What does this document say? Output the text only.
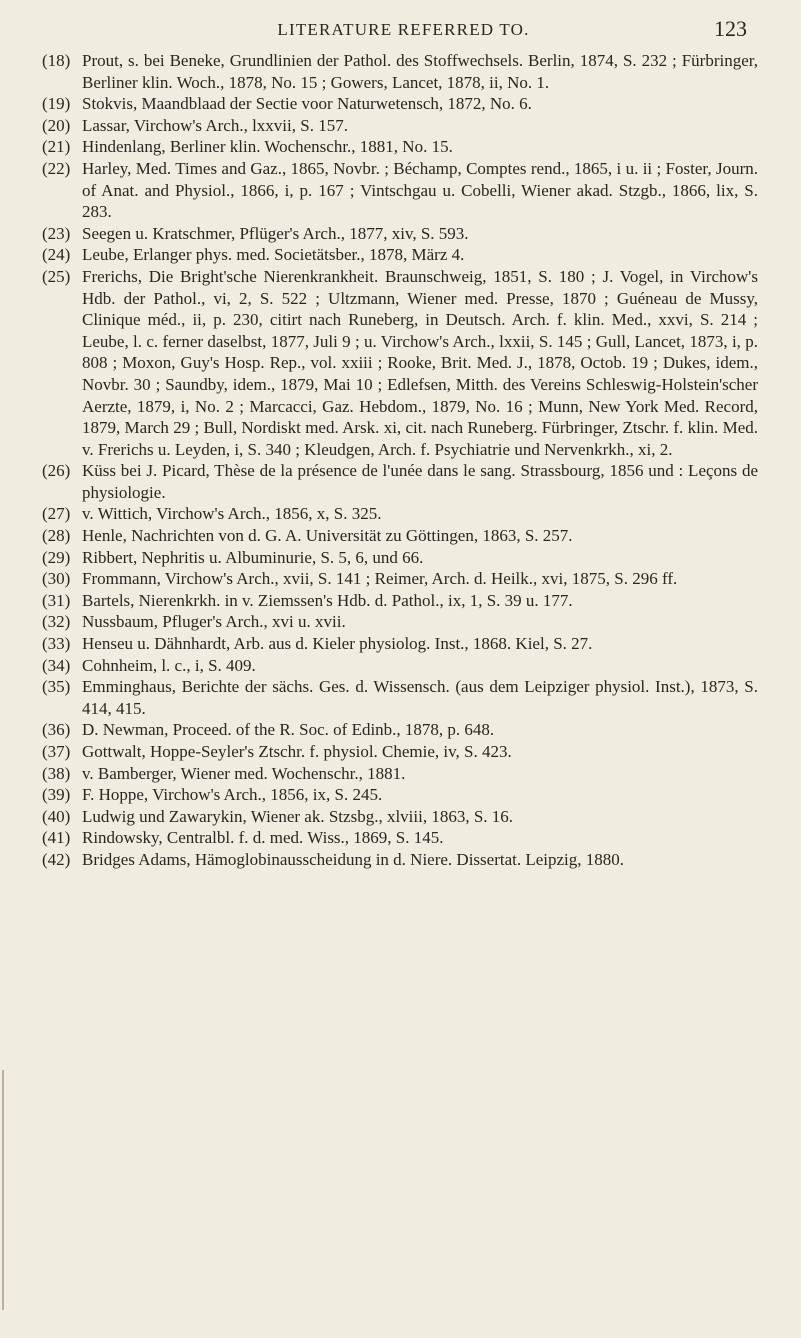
LITERATURE REFERRED TO.	123
(18) Prout, s. bei Beneke, Grundlinien der Pathol. des Stoffwechsels. Berlin, 1874, S. 232 ; Fürbringer, Berliner klin. Woch., 1878, No. 15 ; Gowers, Lancet, 1878, ii, No. 1.
(19) Stokvis, Maandblaad der Sectie voor Naturwetensch, 1872, No. 6.
(20) Lassar, Virchow's Arch., lxxvii, S. 157.
(21) Hindenlang, Berliner klin. Wochenschr., 1881, No. 15.
(22) Harley, Med. Times and Gaz., 1865, Novbr. ; Béchamp, Comptes rend., 1865, i u. ii ; Foster, Journ. of Anat. and Physiol., 1866, i, p. 167 ; Vintschgau u. Cobelli, Wiener akad. Stzgb., 1866, lix, S. 283.
(23) Seegen u. Kratschmer, Pflüger's Arch., 1877, xiv, S. 593.
(24) Leube, Erlanger phys. med. Societätsber., 1878, März 4.
(25) Frerichs, Die Bright'sche Nierenkrankheit. Braunschweig, 1851, S. 180 ; J. Vogel, in Virchow's Hdb. der Pathol., vi, 2, S. 522 ; Ultzmann, Wiener med. Presse, 1870 ; Guéneau de Mussy, Clinique méd., ii, p. 230, citirt nach Runeberg, in Deutsch. Arch. f. klin. Med., xxvi, S. 214 ; Leube, l. c. ferner daselbst, 1877, Juli 9 ; u. Virchow's Arch., lxxii, S. 145 ; Gull, Lancet, 1873, i, p. 808 ; Moxon, Guy's Hosp. Rep., vol. xxiii ; Rooke, Brit. Med. J., 1878, Octob. 19 ; Dukes, idem., Novbr. 30 ; Saundby, idem., 1879, Mai 10 ; Edlefsen, Mitth. des Vereins Schleswig-Holstein'scher Aerzte, 1879, i, No. 2 ; Marcacci, Gaz. Hebdom., 1879, No. 16 ; Munn, New York Med. Record, 1879, March 29 ; Bull, Nordiskt med. Arsk. xi, cit. nach Runeberg. Fürbringer, Ztschr. f. klin. Med. v. Frerichs u. Leyden, i, S. 340 ; Kleudgen, Arch. f. Psychiatrie und Nervenkrkh., xi, 2.
(26) Küss bei J. Picard, Thèse de la présence de l'unée dans le sang. Strassbourg, 1856 und : Leçons de physiologie.
(27) v. Wittich, Virchow's Arch., 1856, x, S. 325.
(28) Henle, Nachrichten von d. G. A. Universität zu Göttingen, 1863, S. 257.
(29) Ribbert, Nephritis u. Albuminurie, S. 5, 6, und 66.
(30) Frommann, Virchow's Arch., xvii, S. 141 ; Reimer, Arch. d. Heilk., xvi, 1875, S. 296 ff.
(31) Bartels, Nierenkrkh. in v. Ziemssen's Hdb. d. Pathol., ix, 1, S. 39 u. 177.
(32) Nussbaum, Pfluger's Arch., xvi u. xvii.
(33) Henseu u. Dähnhardt, Arb. aus d. Kieler physiolog. Inst., 1868. Kiel, S. 27.
(34) Cohnheim, l. c., i, S. 409.
(35) Emminghaus, Berichte der sächs. Ges. d. Wissensch. (aus dem Leipziger physiol. Inst.), 1873, S. 414, 415.
(36) D. Newman, Proceed. of the R. Soc. of Edinb., 1878, p. 648.
(37) Gottwalt, Hoppe-Seyler's Ztschr. f. physiol. Chemie, iv, S. 423.
(38) v. Bamberger, Wiener med. Wochenschr., 1881.
(39) F. Hoppe, Virchow's Arch., 1856, ix, S. 245.
(40) Ludwig und Zawarykin, Wiener ak. Stzsbg., xlviii, 1863, S. 16.
(41) Rindowsky, Centralbl. f. d. med. Wiss., 1869, S. 145.
(42) Bridges Adams, Hämoglobinausscheidung in d. Niere. Dissertat. Leipzig, 1880.
